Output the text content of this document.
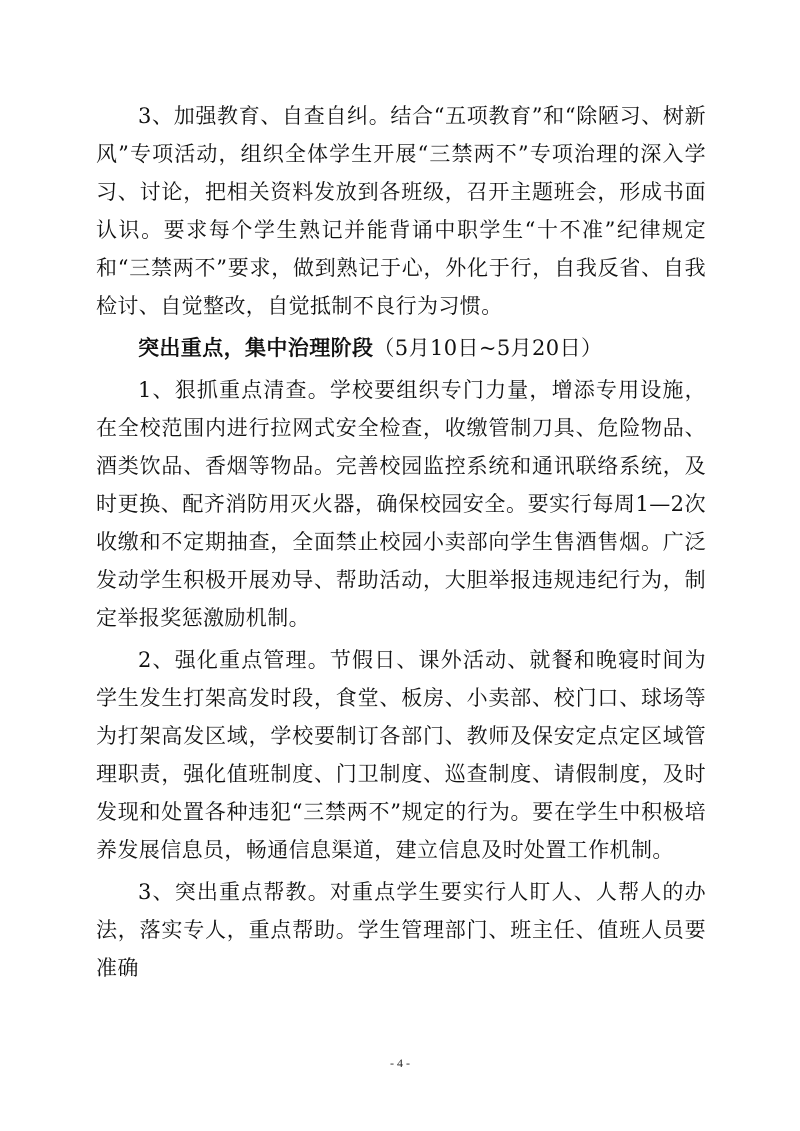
3、加强教育、自查自纠。结合“五项教育”和“除陋习、树新风”专项活动，组织全体学生开展“三禁两不”专项治理的深入学习、讨论，把相关资料发放到各班级，召开主题班会，形成书面认识。要求每个学生熟记并能背诵中职学生“十不准”纪律规定和“三禁两不”要求，做到熟记于心，外化于行，自我反省、自我检讨、自觉整改，自觉抵制不良行为习惯。

突出重点，集中治理阶段（5月10日~5月20日）

1、狠抓重点清查。学校要组织专门力量，增添专用设施，在全校范围内进行拉网式安全检查，收缴管制刀具、危险物品、酒类饮品、香烟等物品。完善校园监控系统和通讯联络系统，及时更换、配齐消防用灭火器，确保校园安全。要实行每周1—2次收缴和不定期抽查，全面禁止校园小卖部向学生售酒售烟。广泛发动学生积极开展劝导、帮助活动，大胆举报违规违纪行为，制定举报奖惩激励机制。

2、强化重点管理。节假日、课外活动、就餐和晚寝时间为学生发生打架高发时段，食堂、板房、小卖部、校门口、球场等为打架高发区域，学校要制订各部门、教师及保安定点定区域管理职责，强化值班制度、门卫制度、巡查制度、请假制度，及时发现和处置各种违犯“三禁两不”规定的行为。要在学生中积极培养发展信息员，畅通信息渠道，建立信息及时处置工作机制。

3、突出重点帮教。对重点学生要实行人盯人、人帮人的办法，落实专人，重点帮助。学生管理部门、班主任、值班人员要准确

- 4 -
